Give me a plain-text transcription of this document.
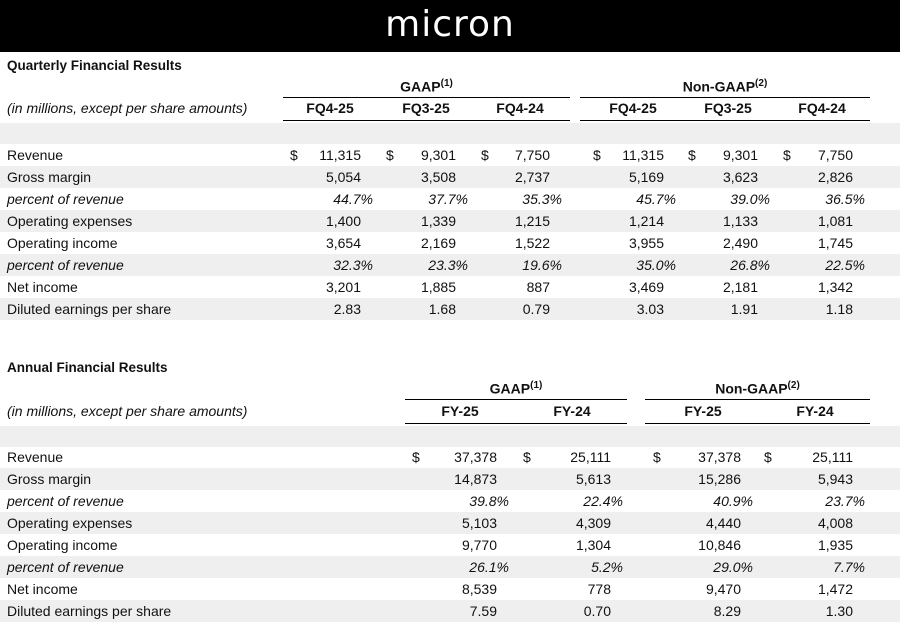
micron
Quarterly Financial Results
GAAP$^{(1)}$	Non-GAAP$^{(2)}$
(in millions, except per share amounts)	FQ4-25	FQ3-25	FQ4-24	FQ4-25	FQ3-25	FQ4-24
Revenue	$	11,315 $	9,301 $	7,750	$	11,315 $	9,301 $	7,750
Gross margin	5,054	3,508	2,737	5,169	3,623	2,826
percent of revenue	44.7%	37.7%	35.3%	45.7%	39.0%	36.5%
Operating expenses	1,400	1,339	1,215	1,214	1,133	1,081
Operating income	3,654	2,169	1,522	3,955	2,490	1,745
percent of revenue	32.3%	23.3%	19.6%	35.0%	26.8%	22.5%
Net income	3,201	1,885	887	3,469	2,181	1,342
Diluted earnings per share	2.83	1.68	0.79	3.03	1.91	1.18
Annual Financial Results
GAAP$^{(1)}$	Non-GAAP$^{(2)}$
(in millions, except per share amounts)	FY-25	FY-24	FY-25	FY-24
Revenue	$	37,378 $	25,111	$	37,378 $	25,111
Gross margin	14,873	5,613	15,286	5,943
percent of revenue	39.8%	22.4%	40.9%	23.7%
Operating expenses	5,103	4,309	4,440	4,008
Operating income	9,770	1,304	10,846	1,935
percent of revenue	26.1%	5.2%	29.0%	7.7%
Net income	8,539	778	9,470	1,472
Diluted earnings per share	7.59	0.70	8.29	1.30
